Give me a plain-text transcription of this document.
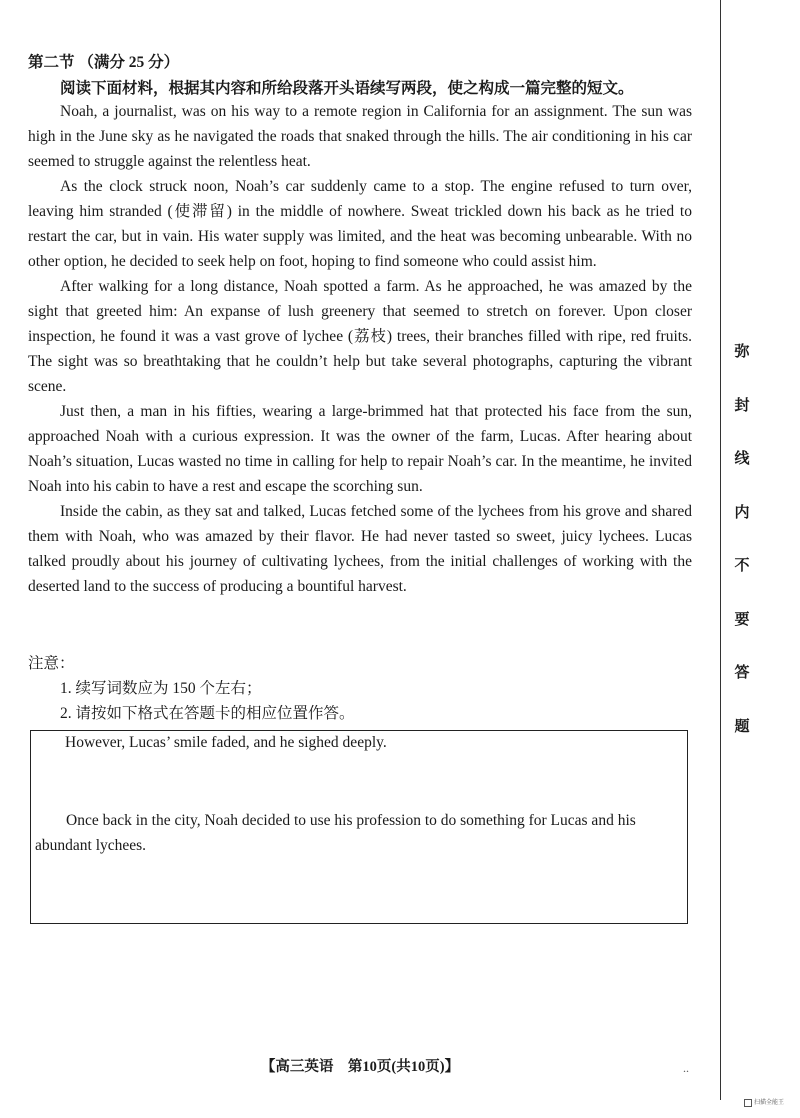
第二节 （满分 25 分）
阅读下面材料，根据其内容和所给段落开头语续写两段，使之构成一篇完整的短文。

Noah, a journalist, was on his way to a remote region in California for an assignment. The sun was high in the June sky as he navigated the roads that snaked through the hills. The air conditioning in his car seemed to struggle against the relentless heat.

As the clock struck noon, Noah’s car suddenly came to a stop. The engine refused to turn over, leaving him stranded (使滞留) in the middle of nowhere. Sweat trickled down his back as he tried to restart the car, but in vain. His water supply was limited, and the heat was becoming unbearable. With no other option, he decided to seek help on foot, hoping to find someone who could assist him.

After walking for a long distance, Noah spotted a farm. As he approached, he was amazed by the sight that greeted him: An expanse of lush greenery that seemed to stretch on forever. Upon closer inspection, he found it was a vast grove of lychee (荔枝) trees, their branches filled with ripe, red fruits. The sight was so breathtaking that he couldn’t help but take several photographs, capturing the vibrant scene.

Just then, a man in his fifties, wearing a large-brimmed hat that protected his face from the sun, approached Noah with a curious expression. It was the owner of the farm, Lucas. After hearing about Noah’s situation, Lucas wasted no time in calling for help to repair Noah’s car. In the meantime, he invited Noah into his cabin to have a rest and escape the scorching sun.

Inside the cabin, as they sat and talked, Lucas fetched some of the lychees from his grove and shared them with Noah, who was amazed by their flavor. He had never tasted so sweet, juicy lychees. Lucas talked proudly about his journey of cultivating lychees, from the initial challenges of working with the deserted land to the success of producing a bountiful harvest.

注意：
1. 续写词数应为 150 个左右；
2. 请按如下格式在答题卡的相应位置作答。
However, Lucas’ smile faded, and he sighed deeply.
Once back in the city, Noah decided to use his profession to do something for Lucas and his abundant lychees.
【高三英语　第10页(共10页)】	..
弥
封
线
内
不
要
答
题
扫描全能王
